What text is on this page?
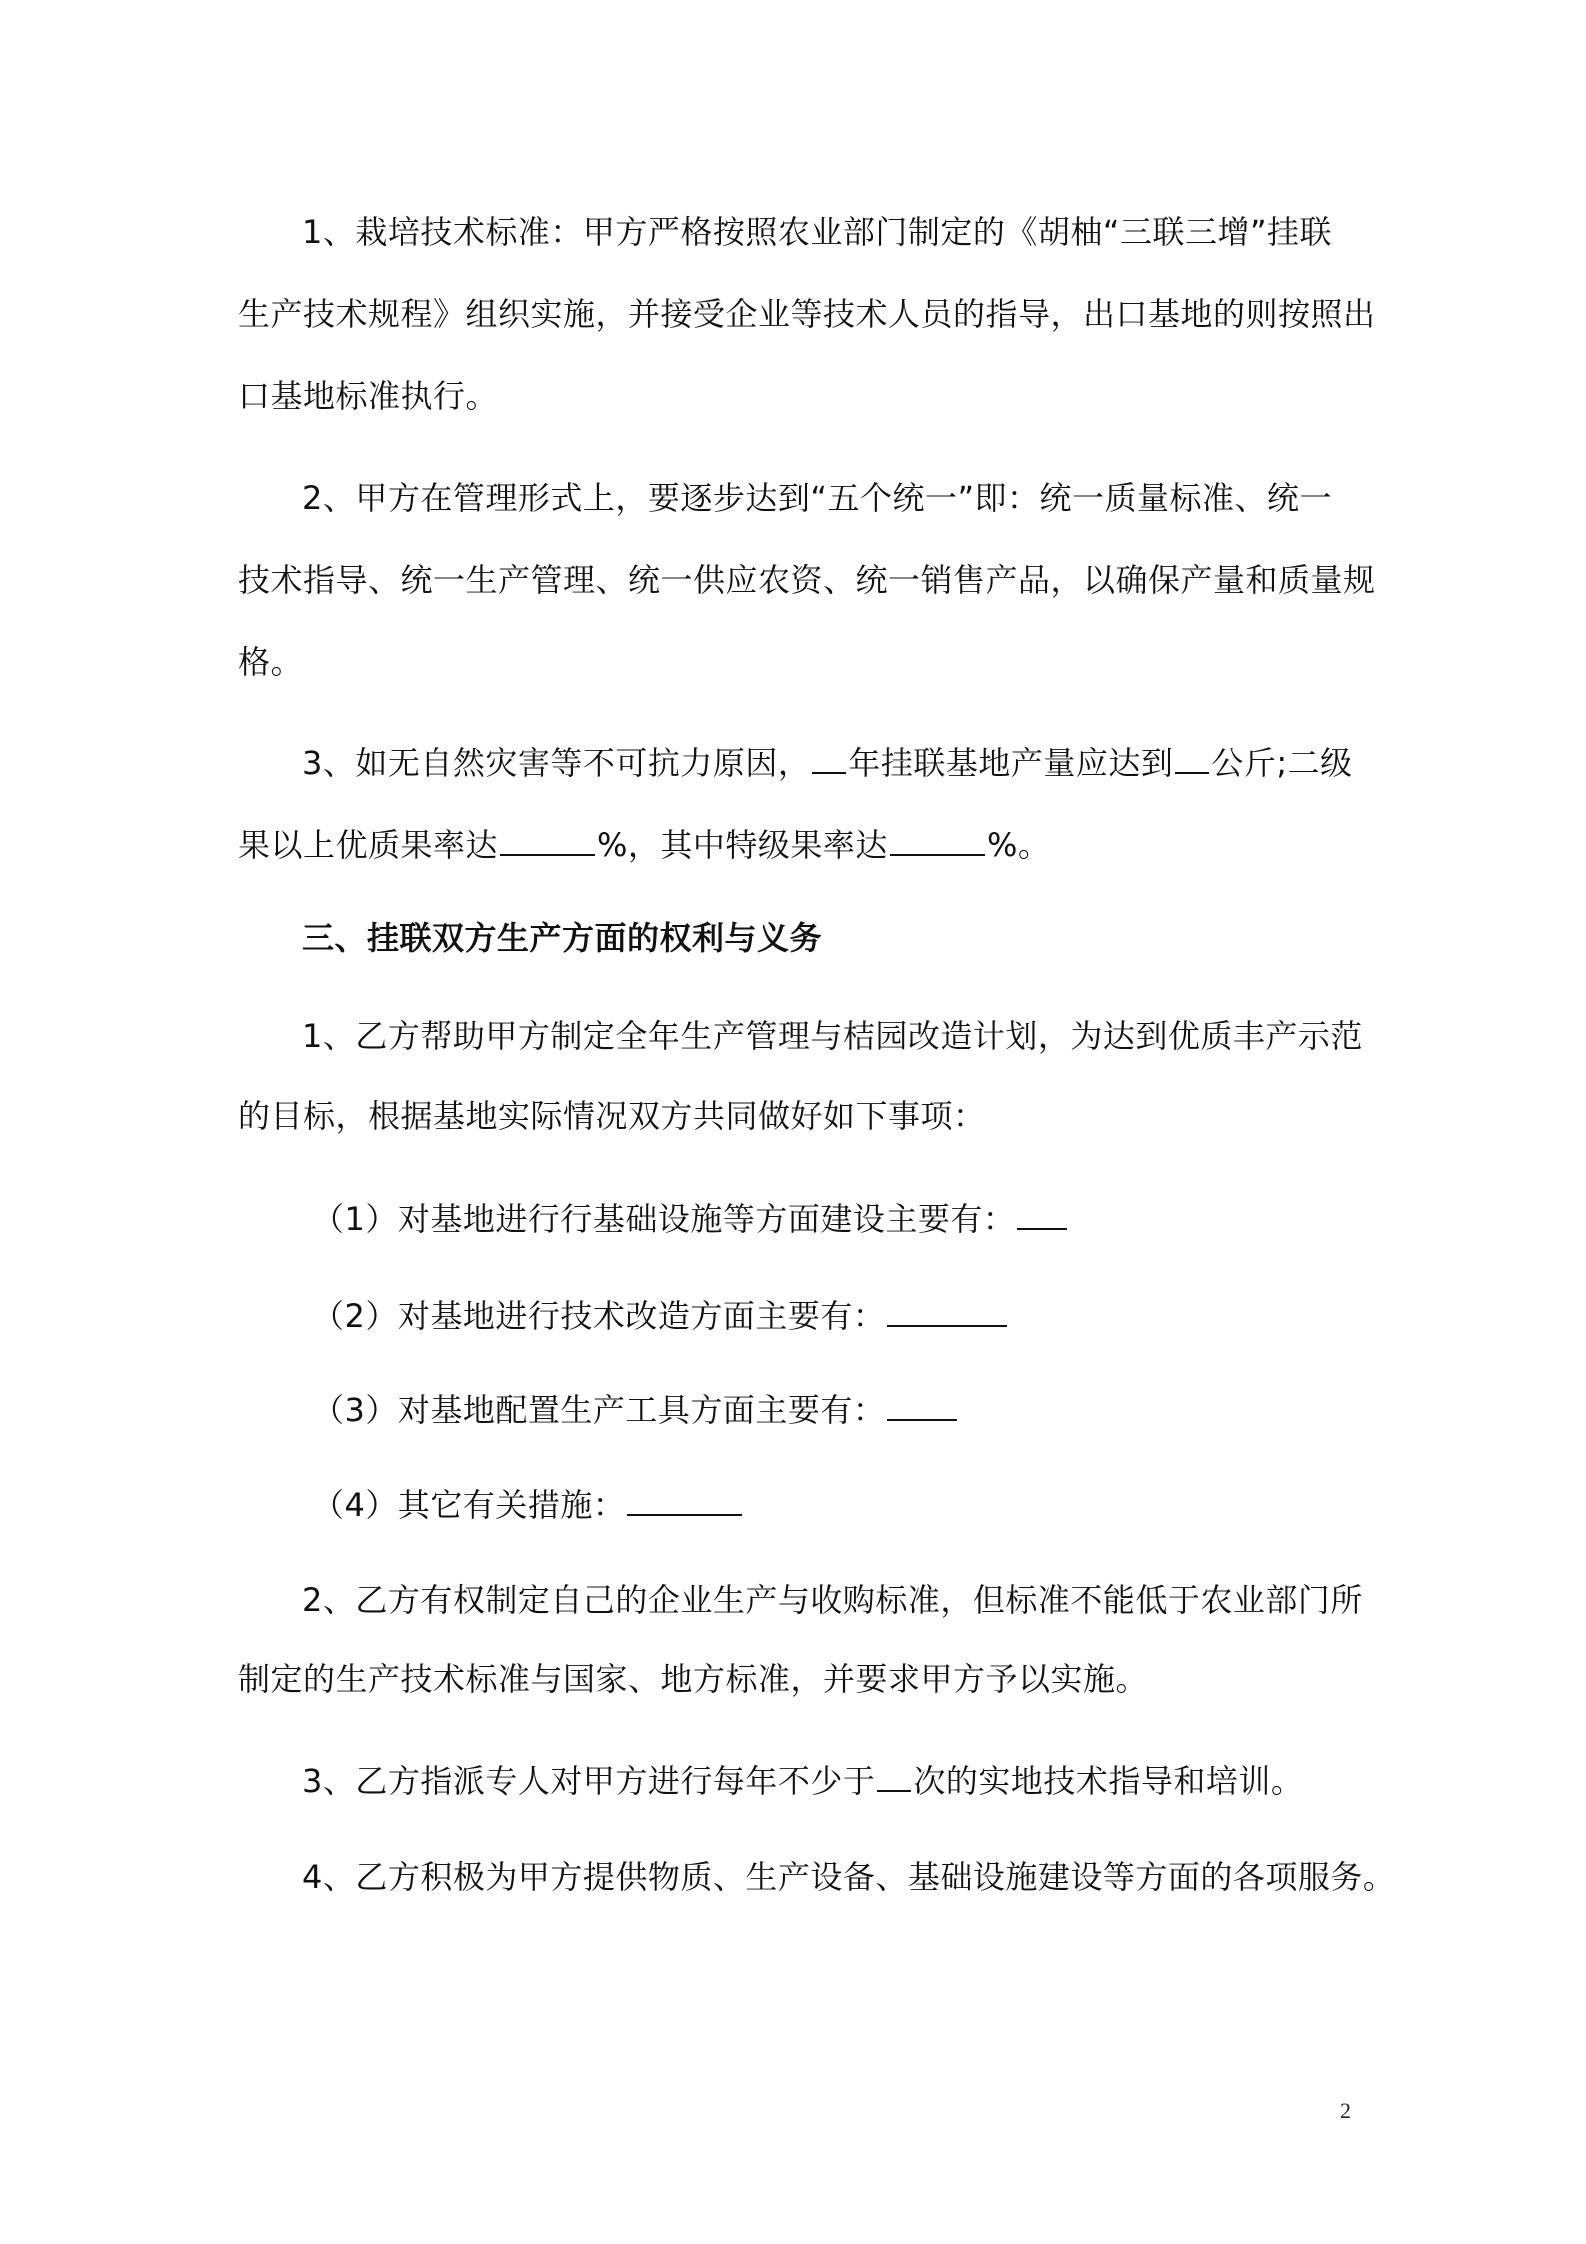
1、栽培技术标准：甲方严格按照农业部门制定的《胡柚“三联三增”挂联
生产技术规程》组织实施，并接受企业等技术人员的指导，出口基地的则按照出
口基地标准执行。
2、甲方在管理形式上，要逐步达到“五个统一”即：统一质量标准、统一
技术指导、统一生产管理、统一供应农资、统一销售产品，以确保产量和质量规
格。
3、如无自然灾害等不可抗力原因， 年挂联基地产量应达到 公斤;二级
果以上优质果率达	%，其中特级果率达	%。
三、挂联双方生产方面的权利与义务
1、乙方帮助甲方制定全年生产管理与桔园改造计划，为达到优质丰产示范
的目标，根据基地实际情况双方共同做好如下事项：
（1）对基地进行行基础设施等方面建设主要有：
（2）对基地进行技术改造方面主要有：
（3）对基地配置生产工具方面主要有：
（4）其它有关措施：
2、乙方有权制定自己的企业生产与收购标准，但标准不能低于农业部门所
制定的生产技术标准与国家、地方标准，并要求甲方予以实施。
3、乙方指派专人对甲方进行每年不少于 次的实地技术指导和培训。
4、乙方积极为甲方提供物质、生产设备、基础设施建设等方面的各项服务。
2
